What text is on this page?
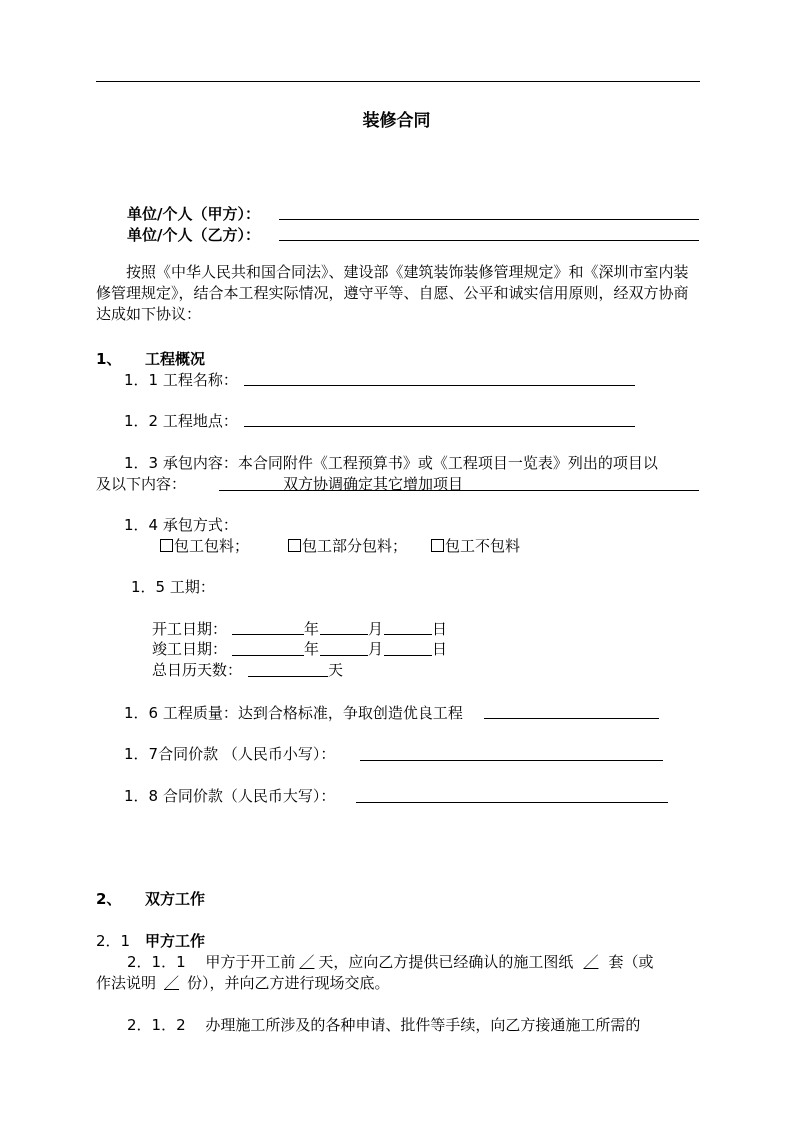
装修合同
单位/个人（甲方）：
单位/个人（乙方）：
按照《中华人民共和国合同法》、建设部《建筑装饰装修管理规定》和《深圳市室内装修管理规定》，结合本工程实际情况，遵守平等、自愿、公平和诚实信用原则，经双方协商达成如下协议：
1、 工程概况
1．1 工程名称：
1．2 工程地点：
1．3 承包内容：本合同附件《工程预算书》或《工程项目一览表》列出的项目以
及以下内容：	双方协调确定其它增加项目
1．4 承包方式：
包工包料；	包工部分包料；	包工不包料
1．5 工期：
开工日期：	年	月	日
竣工日期：	年	月	日
总日历天数：	天
1．6 工程质量：达到合格标准，争取创造优良工程
1．7合同价款 （人民币小写）：
1．8 合同价款（人民币大写）：
2、 双方工作
2．1 甲方工作
2．1．1　 甲方于开工前 ／ 天，应向乙方提供已经确认的施工图纸 ／ 套（或
作法说明 ／ 份），并向乙方进行现场交底。
2．1．2　 办理施工所涉及的各种申请、批件等手续，向乙方接通施工所需的
